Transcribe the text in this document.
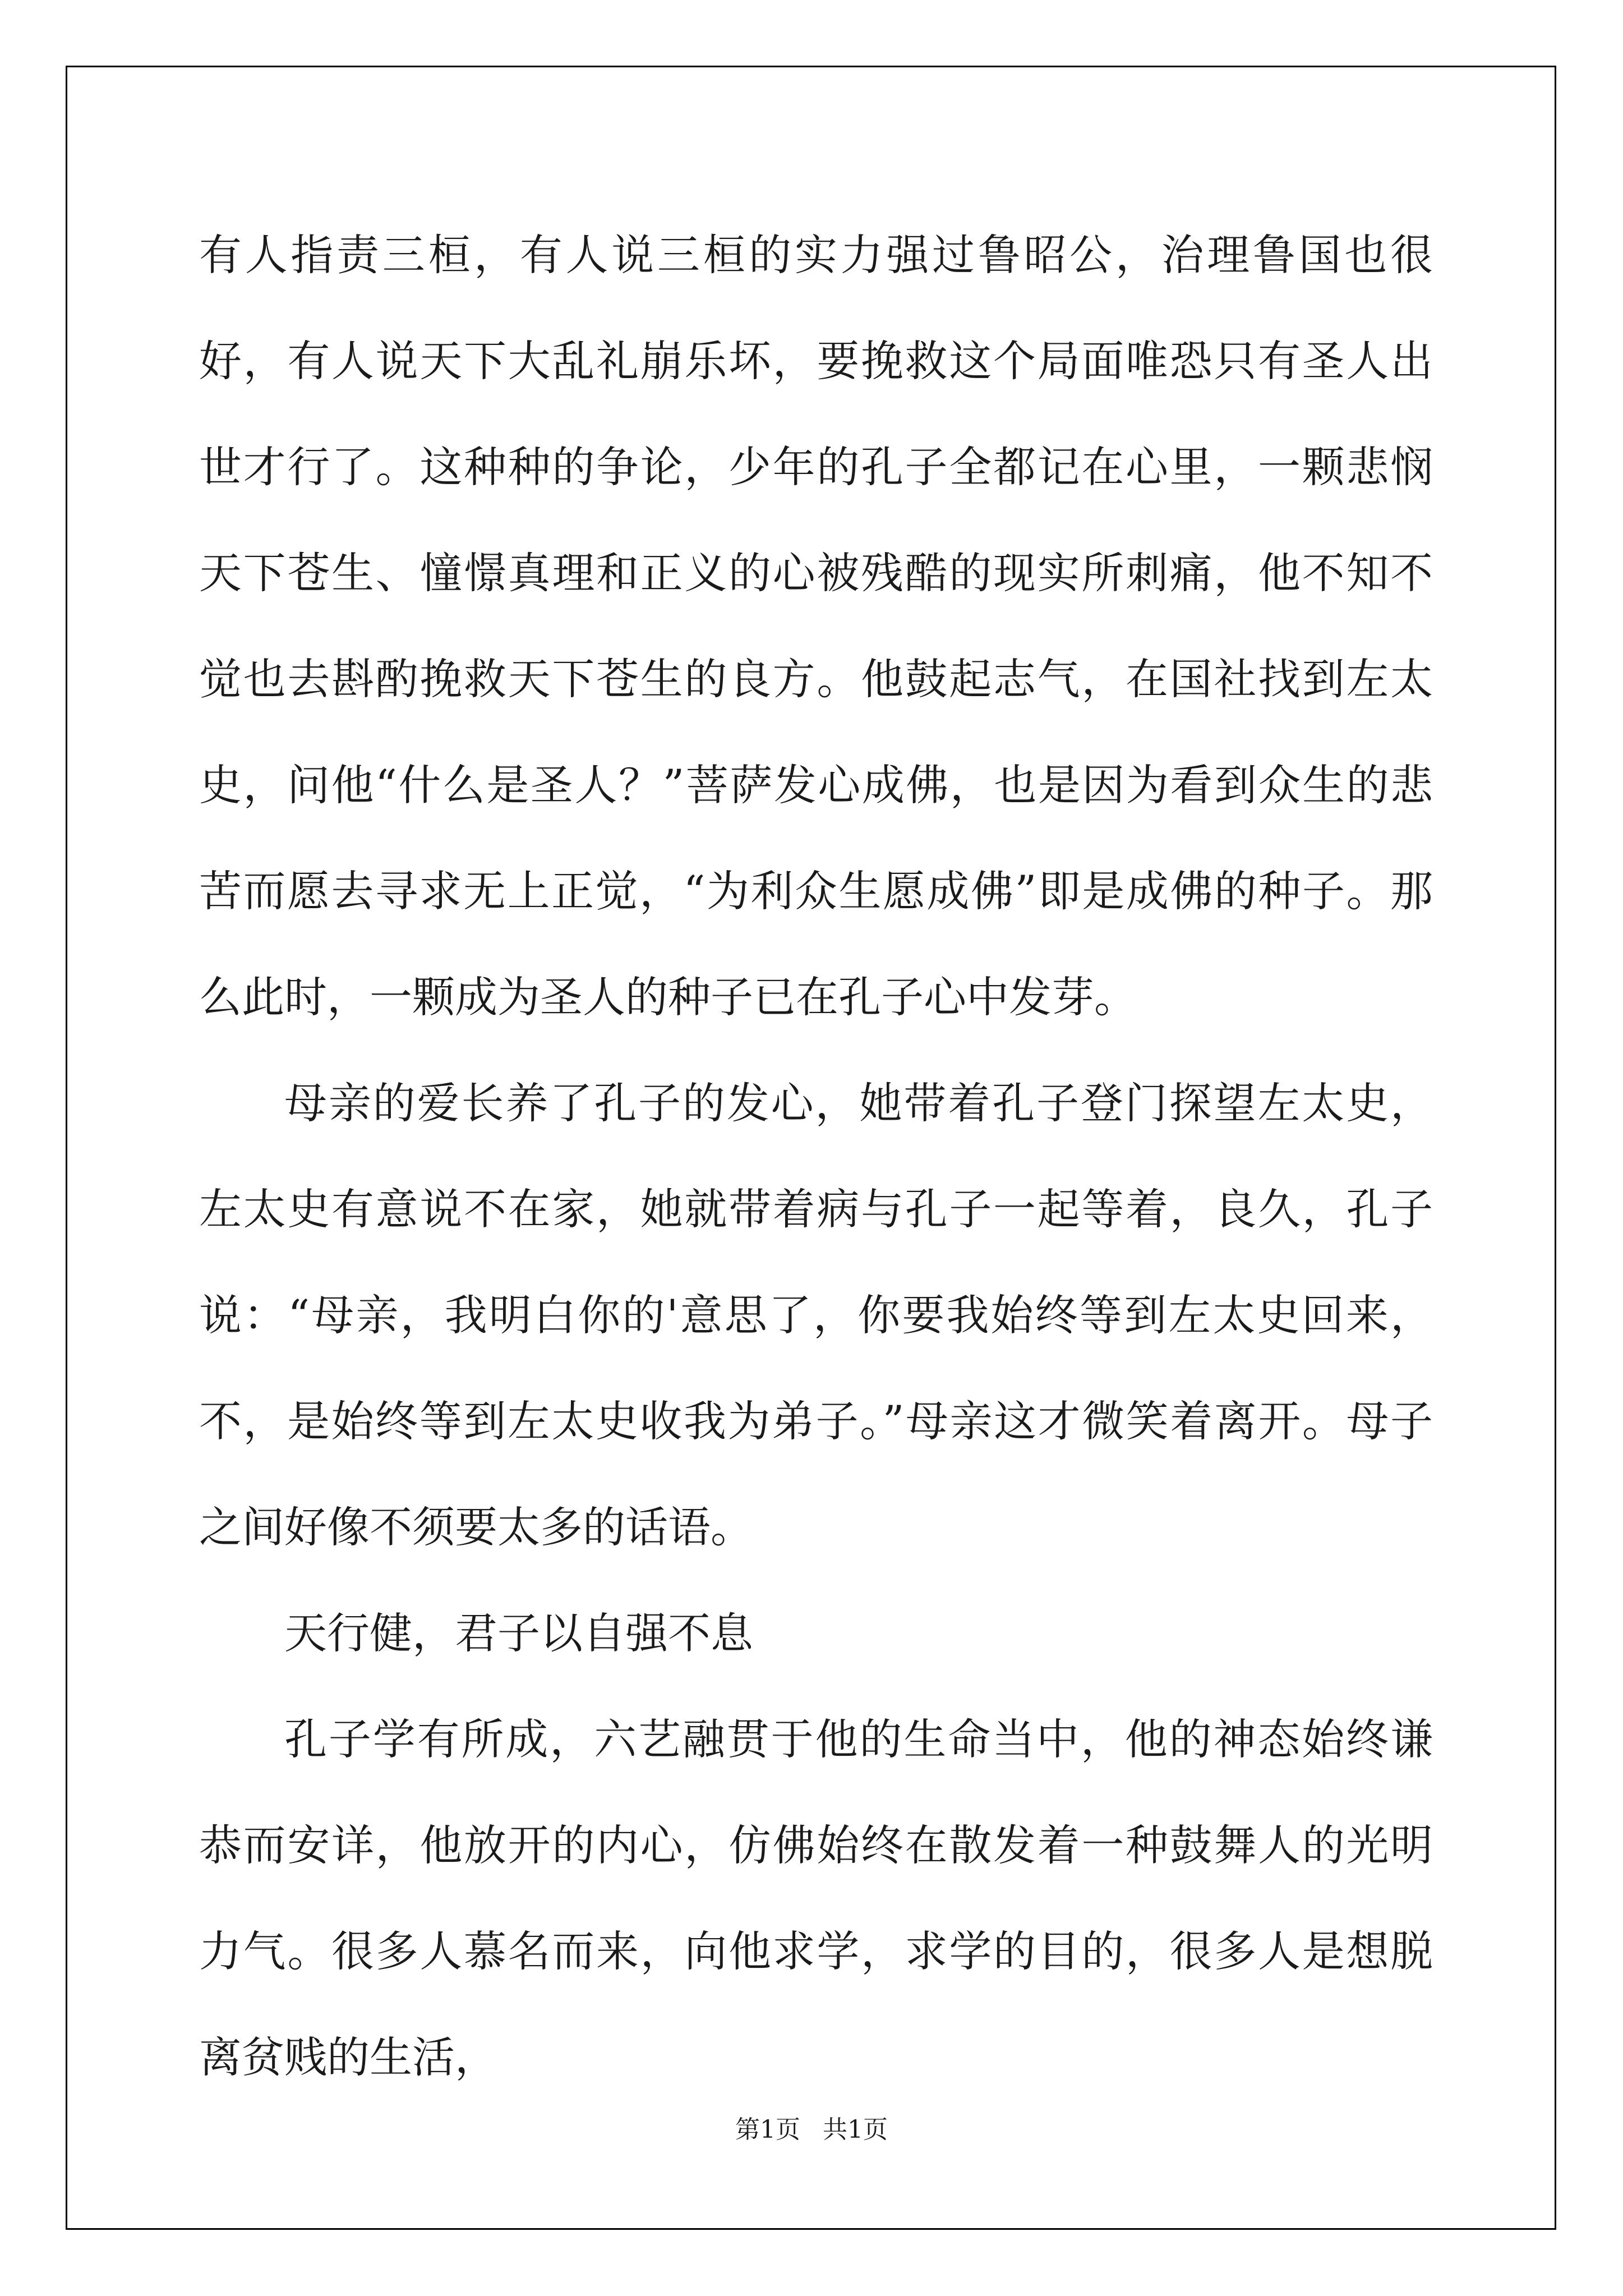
有人指责三桓，有人说三桓的实力强过鲁昭公，治理鲁国也很好，有人说天下大乱礼崩乐坏，要挽救这个局面唯恐只有圣人出世才行了。这种种的争论，少年的孔子全都记在心里，一颗悲悯天下苍生、憧憬真理和正义的心被残酷的现实所刺痛，他不知不觉也去斟酌挽救天下苍生的良方。他鼓起志气，在国社找到左太史，问他“什么是圣人？”菩萨发心成佛，也是因为看到众生的悲苦而愿去寻求无上正觉，“为利众生愿成佛”即是成佛的种子。那么此时，一颗成为圣人的种子已在孔子心中发芽。

母亲的爱长养了孔子的发心，她带着孔子登门探望左太史，左太史有意说不在家，她就带着病与孔子一起等着，良久，孔子说：“母亲，我明白你的'意思了，你要我始终等到左太史回来，不，是始终等到左太史收我为弟子。”母亲这才微笑着离开。母子之间好像不须要太多的话语。

天行健，君子以自强不息

孔子学有所成，六艺融贯于他的生命当中，他的神态始终谦恭而安详，他放开的内心，仿佛始终在散发着一种鼓舞人的光明力气。很多人慕名而来，向他求学，求学的目的，很多人是想脱离贫贱的生活，

第1页 共1页
